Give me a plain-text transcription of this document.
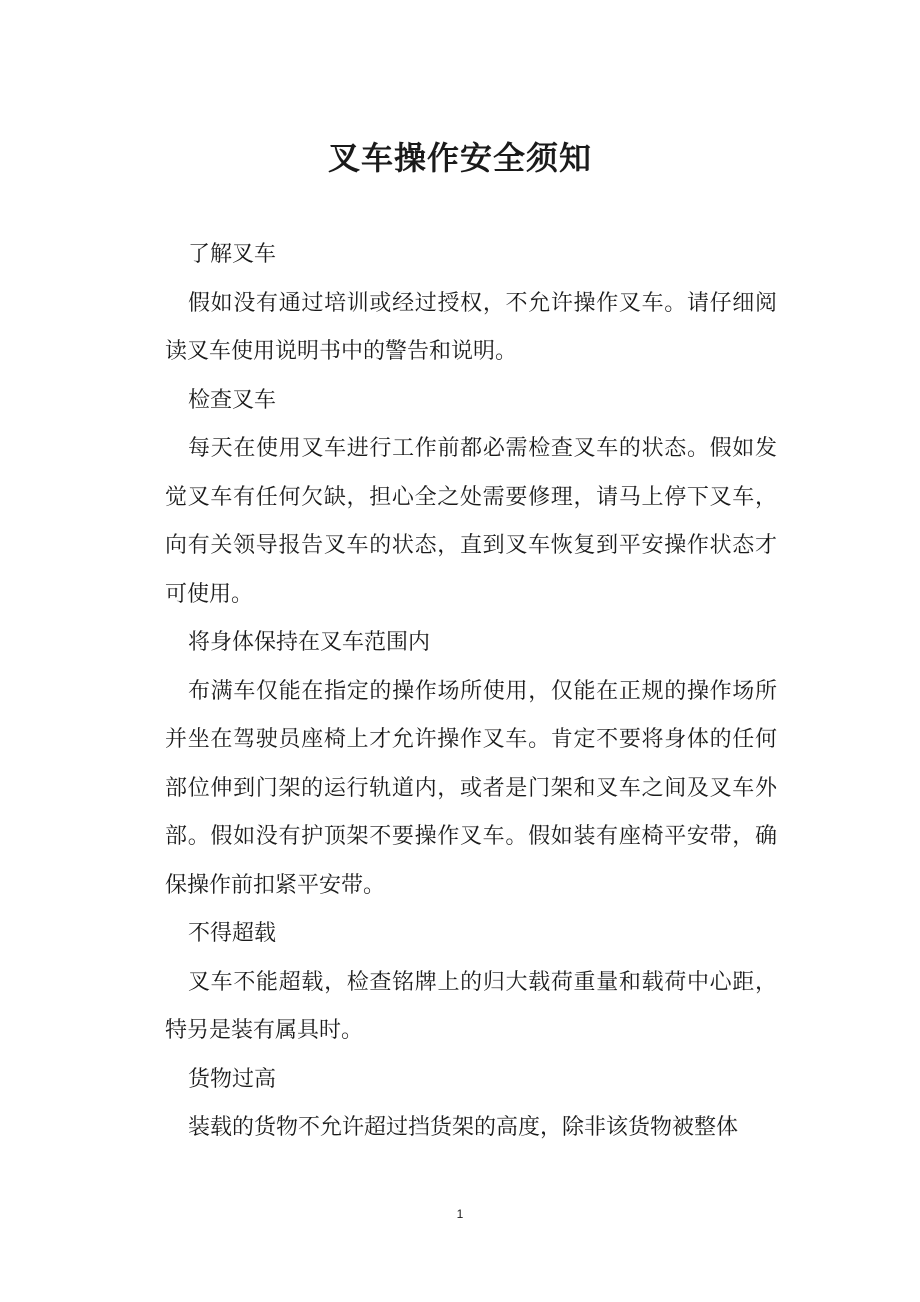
叉车操作安全须知

了解叉车

假如没有通过培训或经过授权，不允许操作叉车。请仔细阅读叉车使用说明书中的警告和说明。

检查叉车

每天在使用叉车进行工作前都必需检查叉车的状态。假如发觉叉车有任何欠缺，担心全之处需要修理，请马上停下叉车，向有关领导报告叉车的状态，直到叉车恢复到平安操作状态才可使用。

将身体保持在叉车范围内

布满车仅能在指定的操作场所使用，仅能在正规的操作场所并坐在驾驶员座椅上才允许操作叉车。肯定不要将身体的任何部位伸到门架的运行轨道内，或者是门架和叉车之间及叉车外部。假如没有护顶架不要操作叉车。假如装有座椅平安带，确保操作前扣紧平安带。

不得超载

叉车不能超载，检查铭牌上的归大载荷重量和载荷中心距，特另是装有属具时。

货物过高

装载的货物不允许超过挡货架的高度，除非该货物被整体

1
